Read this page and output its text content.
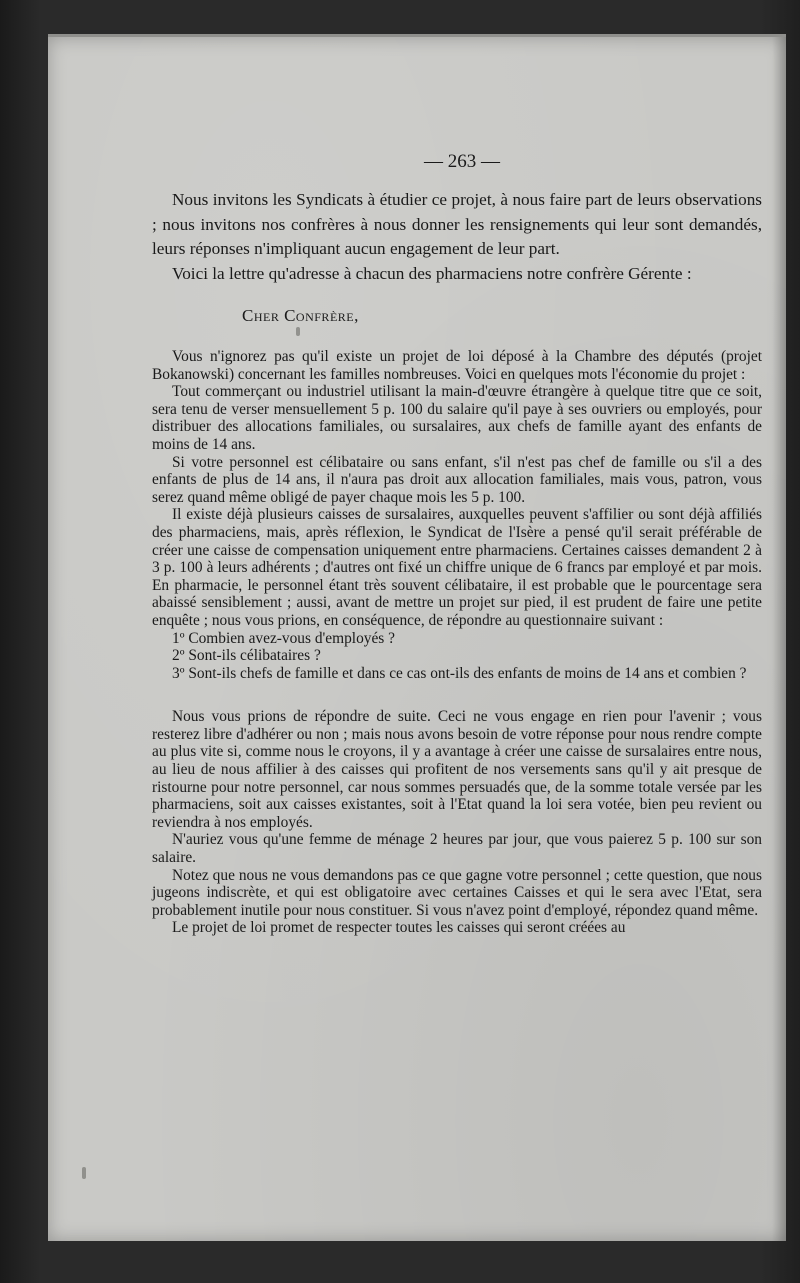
— 263 —

Nous invitons les Syndicats à étudier ce projet, à nous faire part de leurs observations ; nous invitons nos confrères à nous donner les rensignements qui leur sont demandés, leurs réponses n'impliquant aucun engagement de leur part.

Voici la lettre qu'adresse à chacun des pharmaciens notre confrère Gérente :

Cher Confrère,

Vous n'ignorez pas qu'il existe un projet de loi déposé à la Chambre des députés (projet Bokanowski) concernant les familles nombreuses. Voici en quelques mots l'économie du projet :

Tout commerçant ou industriel utilisant la main-d'œuvre étrangère à quelque titre que ce soit, sera tenu de verser mensuellement 5 p. 100 du salaire qu'il paye à ses ouvriers ou employés, pour distribuer des allocations familiales, ou sursalaires, aux chefs de famille ayant des enfants de moins de 14 ans.

Si votre personnel est célibataire ou sans enfant, s'il n'est pas chef de famille ou s'il a des enfants de plus de 14 ans, il n'aura pas droit aux allocation familiales, mais vous, patron, vous serez quand même obligé de payer chaque mois les 5 p. 100.

Il existe déjà plusieurs caisses de sursalaires, auxquelles peuvent s'affilier ou sont déjà affiliés des pharmaciens, mais, après réflexion, le Syndicat de l'Isère a pensé qu'il serait préférable de créer une caisse de compensation uniquement entre pharmaciens. Certaines caisses demandent 2 à 3 p. 100 à leurs adhérents ; d'autres ont fixé un chiffre unique de 6 francs par employé et par mois. En pharmacie, le personnel étant très souvent célibataire, il est probable que le pourcentage sera abaissé sensiblement ; aussi, avant de mettre un projet sur pied, il est prudent de faire une petite enquête ; nous vous prions, en conséquence, de répondre au questionnaire suivant :

1º Combien avez-vous d'employés ?

2º Sont-ils célibataires ?

3º Sont-ils chefs de famille et dans ce cas ont-ils des enfants de moins de 14 ans et combien ?

Nous vous prions de répondre de suite. Ceci ne vous engage en rien pour l'avenir ; vous resterez libre d'adhérer ou non ; mais nous avons besoin de votre réponse pour nous rendre compte au plus vite si, comme nous le croyons, il y a avantage à créer une caisse de sursalaires entre nous, au lieu de nous affilier à des caisses qui profitent de nos versements sans qu'il y ait presque de ristourne pour notre personnel, car nous sommes persuadés que, de la somme totale versée par les pharmaciens, soit aux caisses existantes, soit à l'Etat quand la loi sera votée, bien peu revient ou reviendra à nos employés.

N'auriez vous qu'une femme de ménage 2 heures par jour, que vous paierez 5 p. 100 sur son salaire.

Notez que nous ne vous demandons pas ce que gagne votre personnel ; cette question, que nous jugeons indiscrète, et qui est obligatoire avec certaines Caisses et qui le sera avec l'Etat, sera probablement inutile pour nous constituer. Si vous n'avez point d'employé, répondez quand même.

Le projet de loi promet de respecter toutes les caisses qui seront créées au
